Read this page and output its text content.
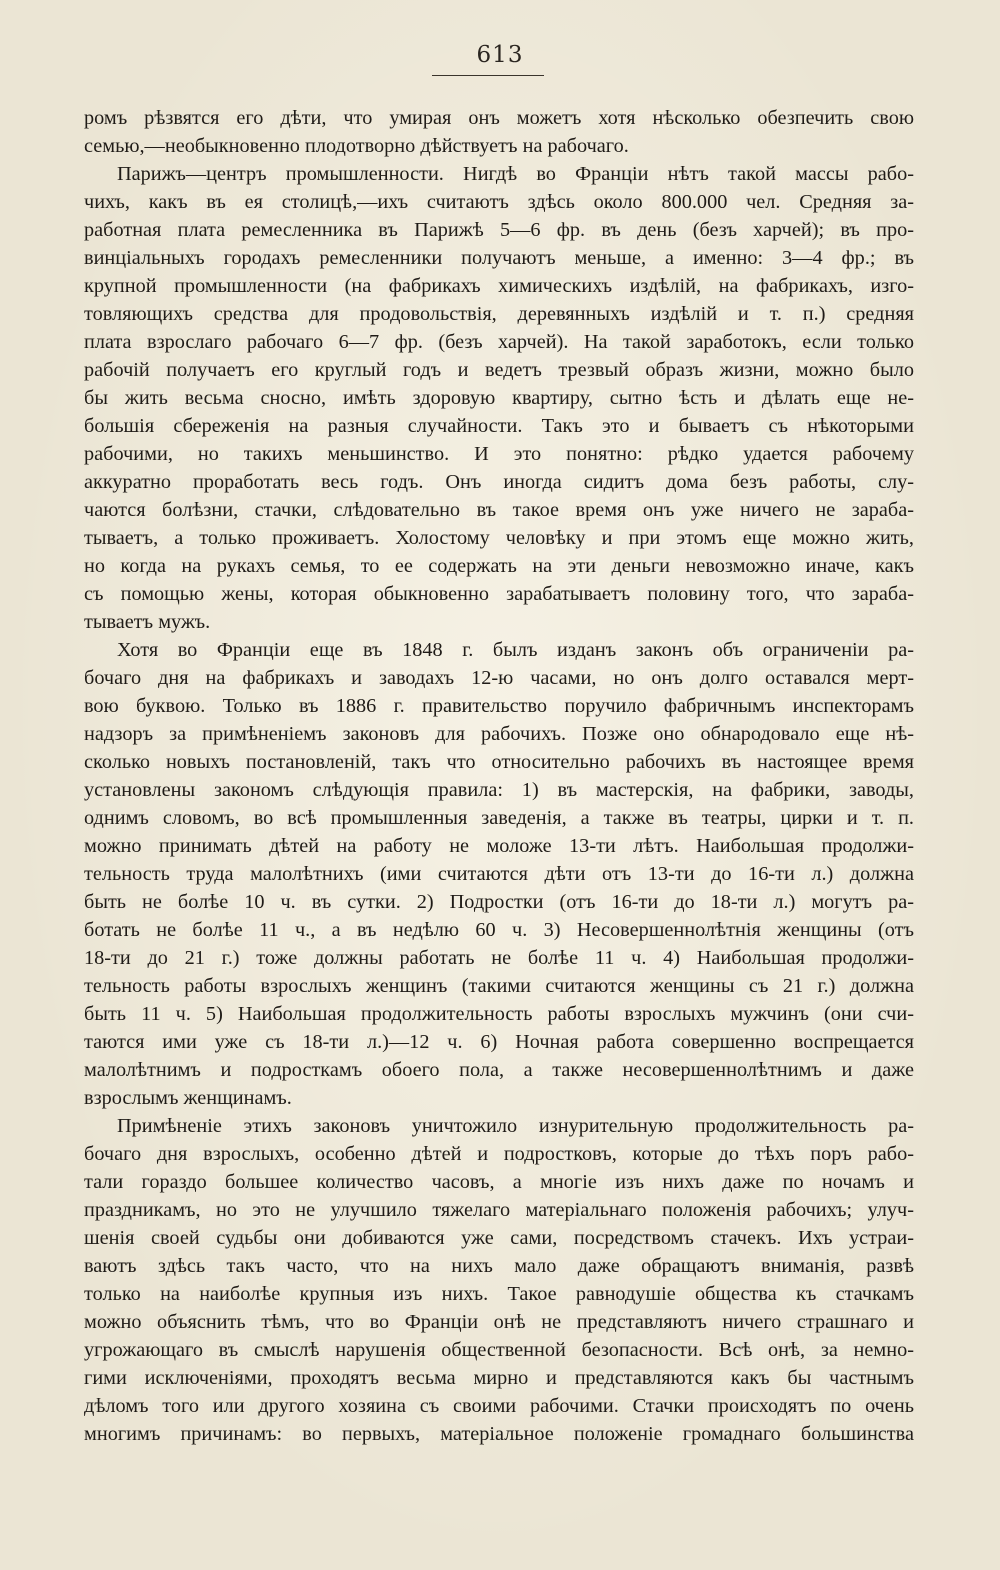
613
ромъ рѣзвятся его дѣти, что умирая онъ можетъ хотя нѣсколько обезпечить свою
семью,—необыкновенно плодотворно дѣйствуетъ на рабочаго.
Парижъ—центръ промышленности. Нигдѣ во Франціи нѣтъ такой массы рабо-
чихъ, какъ въ ея столицѣ,—ихъ считаютъ здѣсь около 800.000 чел. Средняя за-
работная плата ремесленника въ Парижѣ 5—6 фр. въ день (безъ харчей); въ про-
винціальныхъ городахъ ремесленники получаютъ меньше, а именно: 3—4 фр.; въ
крупной промышленности (на фабрикахъ химическихъ издѣлій, на фабрикахъ, изго-
товляющихъ средства для продовольствія, деревянныхъ издѣлій и т. п.) средняя
плата взрослаго рабочаго 6—7 фр. (безъ харчей). На такой заработокъ, если только
рабочій получаетъ его круглый годъ и ведетъ трезвый образъ жизни, можно было
бы жить весьма сносно, имѣть здоровую квартиру, сытно ѣсть и дѣлать еще не-
большія сбереженія на разныя случайности. Такъ это и бываетъ съ нѣкоторыми
рабочими, но такихъ меньшинство. И это понятно: рѣдко удается рабочему
аккуратно проработать весь годъ. Онъ иногда сидитъ дома безъ работы, слу-
чаются болѣзни, стачки, слѣдовательно въ такое время онъ уже ничего не зараба-
тываетъ, а только проживаетъ. Холостому человѣку и при этомъ еще можно жить,
но когда на рукахъ семья, то ее содержать на эти деньги невозможно иначе, какъ
съ помощью жены, которая обыкновенно зарабатываетъ половину того, что зараба-
тываетъ мужъ.
Хотя во Франціи еще въ 1848 г. былъ изданъ законъ объ ограниченіи ра-
бочаго дня на фабрикахъ и заводахъ 12-ю часами, но онъ долго оставался мерт-
вою буквою. Только въ 1886 г. правительство поручило фабричнымъ инспекторамъ
надзоръ за примѣненіемъ законовъ для рабочихъ. Позже оно обнародовало еще нѣ-
сколько новыхъ постановленій, такъ что относительно рабочихъ въ настоящее время
установлены закономъ слѣдующія правила: 1) въ мастерскія, на фабрики, заводы,
однимъ словомъ, во всѣ промышленныя заведенія, а также въ театры, цирки и т. п.
можно принимать дѣтей на работу не моложе 13-ти лѣтъ. Наибольшая продолжи-
тельность труда малолѣтнихъ (ими считаются дѣти отъ 13-ти до 16-ти л.) должна
быть не болѣе 10 ч. въ сутки. 2) Подростки (отъ 16-ти до 18-ти л.) могутъ ра-
ботать не болѣе 11 ч., а въ недѣлю 60 ч. 3) Несовершеннолѣтнія женщины (отъ
18-ти до 21 г.) тоже должны работать не болѣе 11 ч. 4) Наибольшая продолжи-
тельность работы взрослыхъ женщинъ (такими считаются женщины съ 21 г.) должна
быть 11 ч. 5) Наибольшая продолжительность работы взрослыхъ мужчинъ (они счи-
таются ими уже съ 18-ти л.)—12 ч. 6) Ночная работа совершенно воспрещается
малолѣтнимъ и подросткамъ обоего пола, а также несовершеннолѣтнимъ и даже
взрослымъ женщинамъ.
Примѣненіе этихъ законовъ уничтожило изнурительную продолжительность ра-
бочаго дня взрослыхъ, особенно дѣтей и подростковъ, которые до тѣхъ поръ рабо-
тали гораздо большее количество часовъ, а многіе изъ нихъ даже по ночамъ и
праздникамъ, но это не улучшило тяжелаго матеріальнаго положенія рабочихъ; улуч-
шенія своей судьбы они добиваются уже сами, посредствомъ стачекъ. Ихъ устраи-
ваютъ здѣсь такъ часто, что на нихъ мало даже обращаютъ вниманія, развѣ
только на наиболѣе крупныя изъ нихъ. Такое равнодушіе общества къ стачкамъ
можно объяснить тѣмъ, что во Франціи онѣ не представляютъ ничего страшнаго и
угрожающаго въ смыслѣ нарушенія общественной безопасности. Всѣ онѣ, за немно-
гими исключеніями, проходятъ весьма мирно и представляются какъ бы частнымъ
дѣломъ того или другого хозяина съ своими рабочими. Стачки происходятъ по очень
многимъ причинамъ: во первыхъ, матеріальное положеніе громаднаго большинства
